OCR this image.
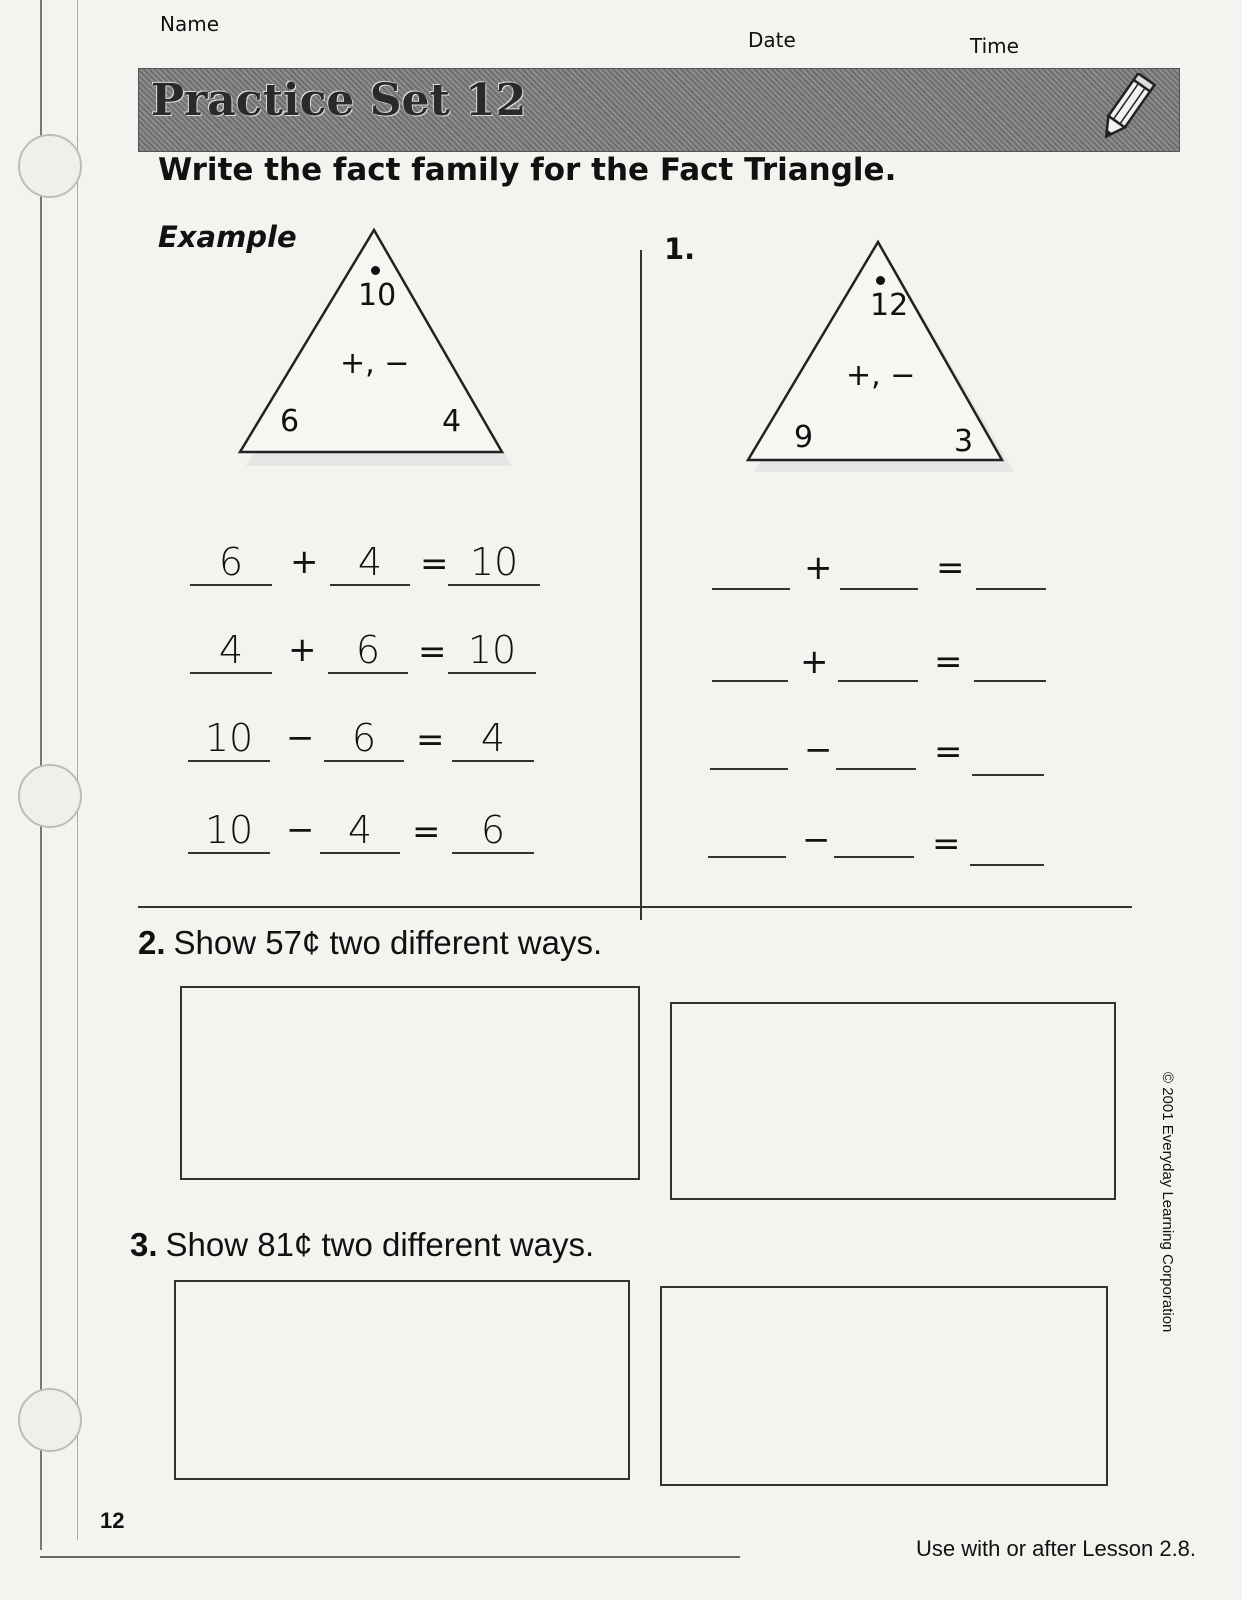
Name
Date	Time
Practice Set 12
Write the fact family for the Fact Triangle.
Example	1.
10
+, −
6	4
12
+, −
9	3
6	+	4	= 10
4	+	6	= 10
10 − 6	= 4
10 − 4	=	6
+	=
+	=
−	=
−	=
2. Show 57¢ two different ways.
3. Show 81¢ two different ways.
12
© 2001 Everyday Learning Corporation
Use with or after Lesson 2.8.
